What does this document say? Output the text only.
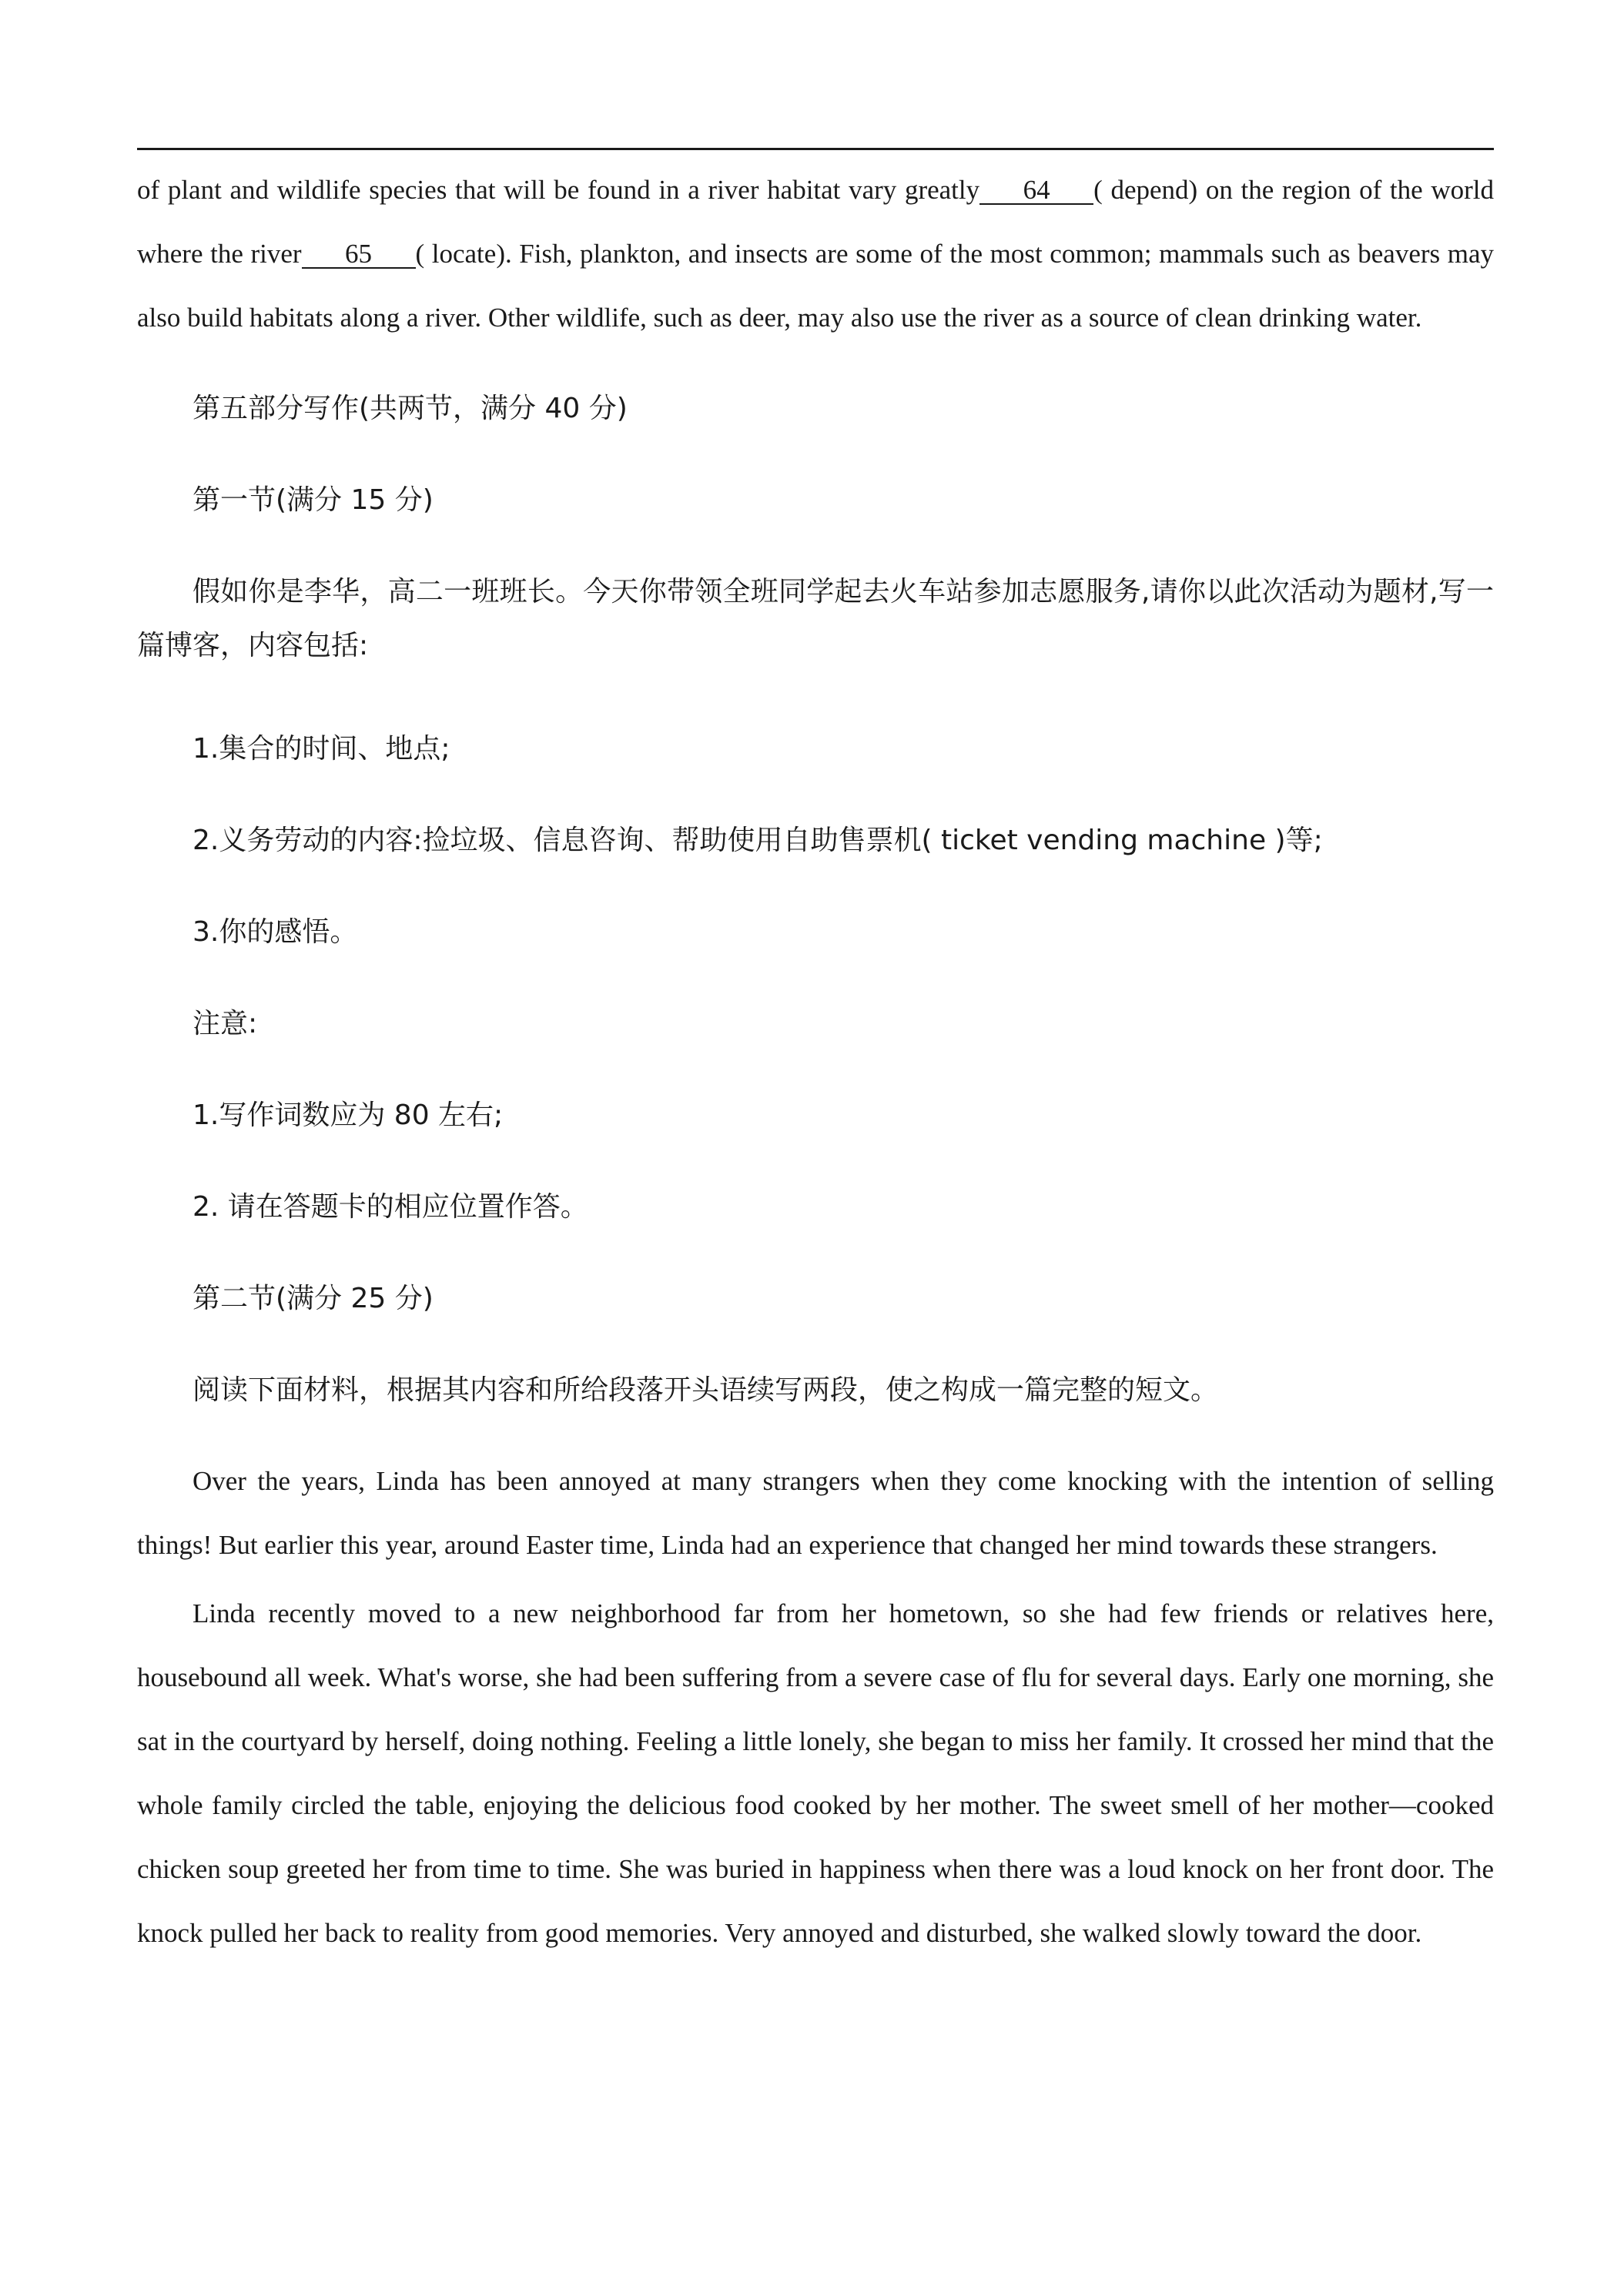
of plant and wildlife species that will be found in a river habitat vary greatly 64 ( depend) on the region of the world where the river 65 ( locate). Fish, plankton, and insects are some of the most common; mammals such as beavers may also build habitats along a river. Other wildlife, such as deer, may also use the river as a source of clean drinking water.

第五部分写作(共两节，满分 40 分)

第一节(满分 15 分)

假如你是李华，高二一班班长。今天你带领全班同学起去火车站参加志愿服务,请你以此次活动为题材,写一篇博客，内容包括:

1.集合的时间、地点;

2.义务劳动的内容:捡垃圾、信息咨询、帮助使用自助售票机( ticket vending machine )等;

3.你的感悟。

注意:

1.写作词数应为 80 左右;

2. 请在答题卡的相应位置作答。

第二节(满分 25 分)

阅读下面材料，根据其内容和所给段落开头语续写两段，使之构成一篇完整的短文。

Over the years, Linda has been annoyed at many strangers when they come knocking with the intention of selling things! But earlier this year, around Easter time, Linda had an experience that changed her mind towards these strangers.

Linda recently moved to a new neighborhood far from her hometown, so she had few friends or relatives here, housebound all week. What's worse, she had been suffering from a severe case of flu for several days. Early one morning, she sat in the courtyard by herself, doing nothing. Feeling a little lonely, she began to miss her family. It crossed her mind that the whole family circled the table, enjoying the delicious food cooked by her mother. The sweet smell of her mother—cooked chicken soup greeted her from time to time. She was buried in happiness when there was a loud knock on her front door. The knock pulled her back to reality from good memories. Very annoyed and disturbed, she walked slowly toward the door.
